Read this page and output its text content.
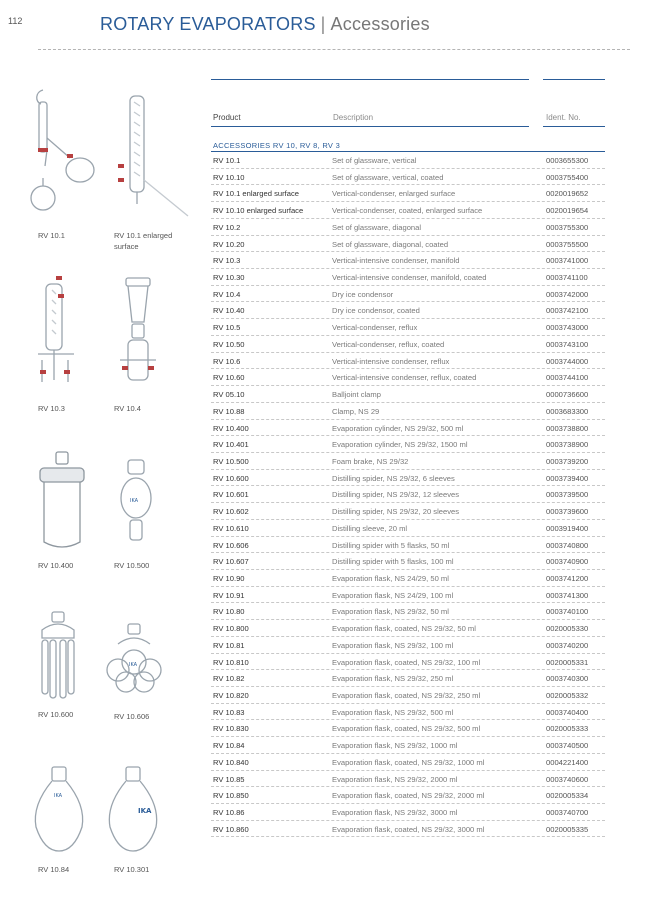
112	ROTARY EVAPORATORS | Accessories
RV 10.1	RV 10.1 enlarged
surface
RV 10.3	RV 10.4
RV 10.400
IKA
RV 10.500
RV 10.600
IKA
RV 10.606
IKA
RV 10.84
IKA
RV 10.301
Product	Description	Ident. No.
ACCESSORIES RV 10, RV 8, RV 3
RV 10.1	Set of glassware, vertical	0003655300
RV 10.10	Set of glassware, vertical, coated	0003755400
RV 10.1 enlarged surface	Vertical-condenser, enlarged surface	0020019652
RV 10.10 enlarged surface	Vertical-condenser, coated, enlarged surface	0020019654
RV 10.2	Set of glassware, diagonal	0003755300
RV 10.20	Set of glassware, diagonal, coated	0003755500
RV 10.3	Vertical-intensive condenser, manifold	0003741000
RV 10.30	Vertical-intensive condenser, manifold, coated	0003741100
RV 10.4	Dry ice condensor	0003742000
RV 10.40	Dry ice condensor, coated	0003742100
RV 10.5	Vertical-condenser, reflux	0003743000
RV 10.50	Vertical-condenser, reflux, coated	0003743100
RV 10.6	Vertical-intensive condenser, reflux	0003744000
RV 10.60	Vertical-intensive condenser, reflux, coated	0003744100
RV 05.10	Balljoint clamp	0000736600
RV 10.88	Clamp, NS 29	0003683300
RV 10.400	Evaporation cylinder, NS 29/32, 500 ml	0003738800
RV 10.401	Evaporation cylinder, NS 29/32, 1500 ml	0003738900
RV 10.500	Foam brake, NS 29/32	0003739200
RV 10.600	Distilling spider, NS 29/32, 6 sleeves	0003739400
RV 10.601	Distilling spider, NS 29/32, 12 sleeves	0003739500
RV 10.602	Distilling spider, NS 29/32, 20 sleeves	0003739600
RV 10.610	Distilling sleeve, 20 ml	0003919400
RV 10.606	Distilling spider with 5 flasks, 50 ml	0003740800
RV 10.607	Distilling spider with 5 flasks, 100 ml	0003740900
RV 10.90	Evaporation flask, NS 24/29, 50 ml	0003741200
RV 10.91	Evaporation flask, NS 24/29, 100 ml	0003741300
RV 10.80	Evaporation flask, NS 29/32, 50 ml	0003740100
RV 10.800	Evaporation flask, coated, NS 29/32, 50 ml	0020005330
RV 10.81	Evaporation flask, NS 29/32, 100 ml	0003740200
RV 10.810	Evaporation flask, coated, NS 29/32, 100 ml	0020005331
RV 10.82	Evaporation flask, NS 29/32, 250 ml	0003740300
RV 10.820	Evaporation flask, coated, NS 29/32, 250 ml	0020005332
RV 10.83	Evaporation flask, NS 29/32, 500 ml	0003740400
RV 10.830	Evaporation flask, coated, NS 29/32, 500 ml	0020005333
RV 10.84	Evaporation flask, NS 29/32, 1000 ml	0003740500
RV 10.840	Evaporation flask, coated, NS 29/32, 1000 ml	0004221400
RV 10.85	Evaporation flask, NS 29/32, 2000 ml	0003740600
RV 10.850	Evaporation flask, coated, NS 29/32, 2000 ml	0020005334
RV 10.86	Evaporation flask, NS 29/32, 3000 ml	0003740700
RV 10.860	Evaporation flask, coated, NS 29/32, 3000 ml	0020005335
